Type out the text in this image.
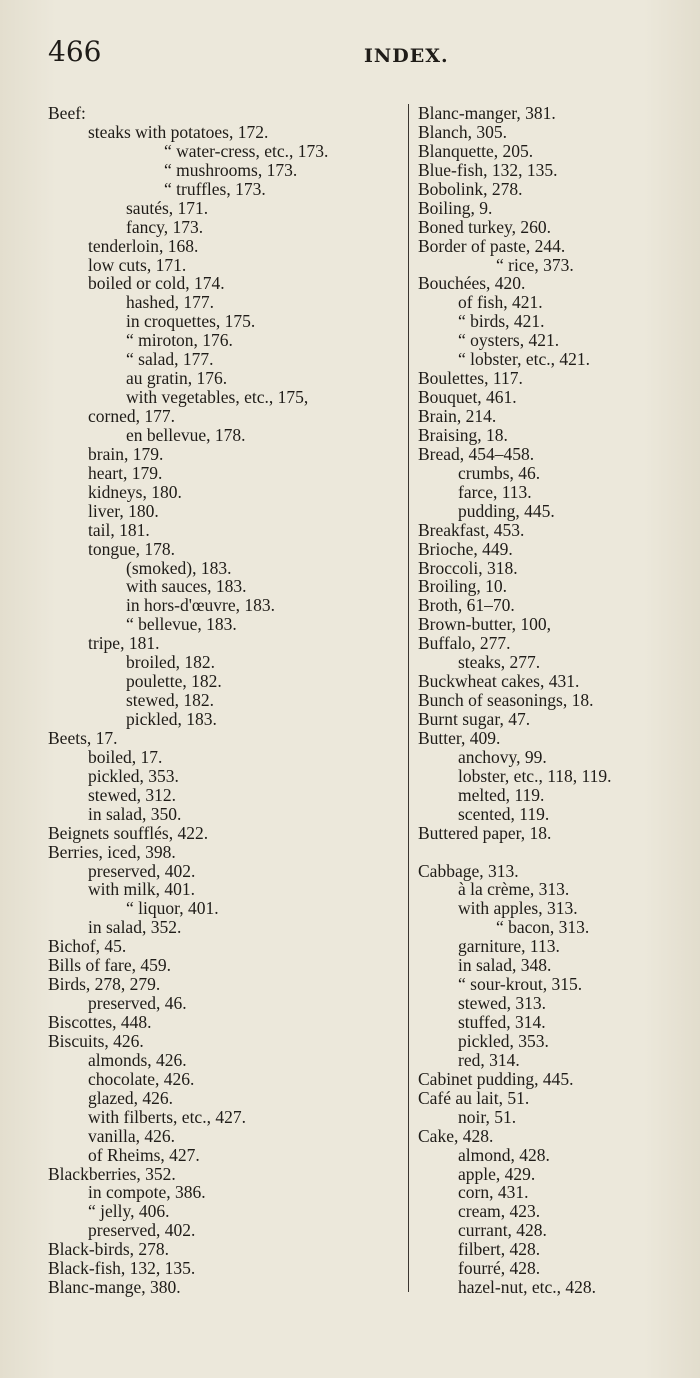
466	INDEX.
Beef:
steaks with potatoes, 172.
“ water-cress, etc., 173.
“ mushrooms, 173.
“ truffles, 173.
sautés, 171.
fancy, 173.
tenderloin, 168.
low cuts, 171.
boiled or cold, 174.
hashed, 177.
in croquettes, 175.
“ miroton, 176.
“ salad, 177.
au gratin, 176.
with vegetables, etc., 175,
corned, 177.
en bellevue, 178.
brain, 179.
heart, 179.
kidneys, 180.
liver, 180.
tail, 181.
tongue, 178.
(smoked), 183.
with sauces, 183.
in hors-d'œuvre, 183.
“ bellevue, 183.
tripe, 181.
broiled, 182.
poulette, 182.
stewed, 182.
pickled, 183.
Beets, 17.
boiled, 17.
pickled, 353.
stewed, 312.
in salad, 350.
Beignets soufflés, 422.
Berries, iced, 398.
preserved, 402.
with milk, 401.
“ liquor, 401.
in salad, 352.
Bichof, 45.
Bills of fare, 459.
Birds, 278, 279.
preserved, 46.
Biscottes, 448.
Biscuits, 426.
almonds, 426.
chocolate, 426.
glazed, 426.
with filberts, etc., 427.
vanilla, 426.
of Rheims, 427.
Blackberries, 352.
in compote, 386.
“ jelly, 406.
preserved, 402.
Black-birds, 278.
Black-fish, 132, 135.
Blanc-mange, 380.
Blanc-manger, 381.
Blanch, 305.
Blanquette, 205.
Blue-fish, 132, 135.
Bobolink, 278.
Boiling, 9.
Boned turkey, 260.
Border of paste, 244.
“ rice, 373.
Bouchées, 420.
of fish, 421.
“ birds, 421.
“ oysters, 421.
“ lobster, etc., 421.
Boulettes, 117.
Bouquet, 461.
Brain, 214.
Braising, 18.
Bread, 454–458.
crumbs, 46.
farce, 113.
pudding, 445.
Breakfast, 453.
Brioche, 449.
Broccoli, 318.
Broiling, 10.
Broth, 61–70.
Brown-butter, 100,
Buffalo, 277.
steaks, 277.
Buckwheat cakes, 431.
Bunch of seasonings, 18.
Burnt sugar, 47.
Butter, 409.
anchovy, 99.
lobster, etc., 118, 119.
melted, 119.
scented, 119.
Buttered paper, 18.
Cabbage, 313.
à la crème, 313.
with apples, 313.
“ bacon, 313.
garniture, 113.
in salad, 348.
“ sour-krout, 315.
stewed, 313.
stuffed, 314.
pickled, 353.
red, 314.
Cabinet pudding, 445.
Café au lait, 51.
noir, 51.
Cake, 428.
almond, 428.
apple, 429.
corn, 431.
cream, 423.
currant, 428.
filbert, 428.
fourré, 428.
hazel-nut, etc., 428.
